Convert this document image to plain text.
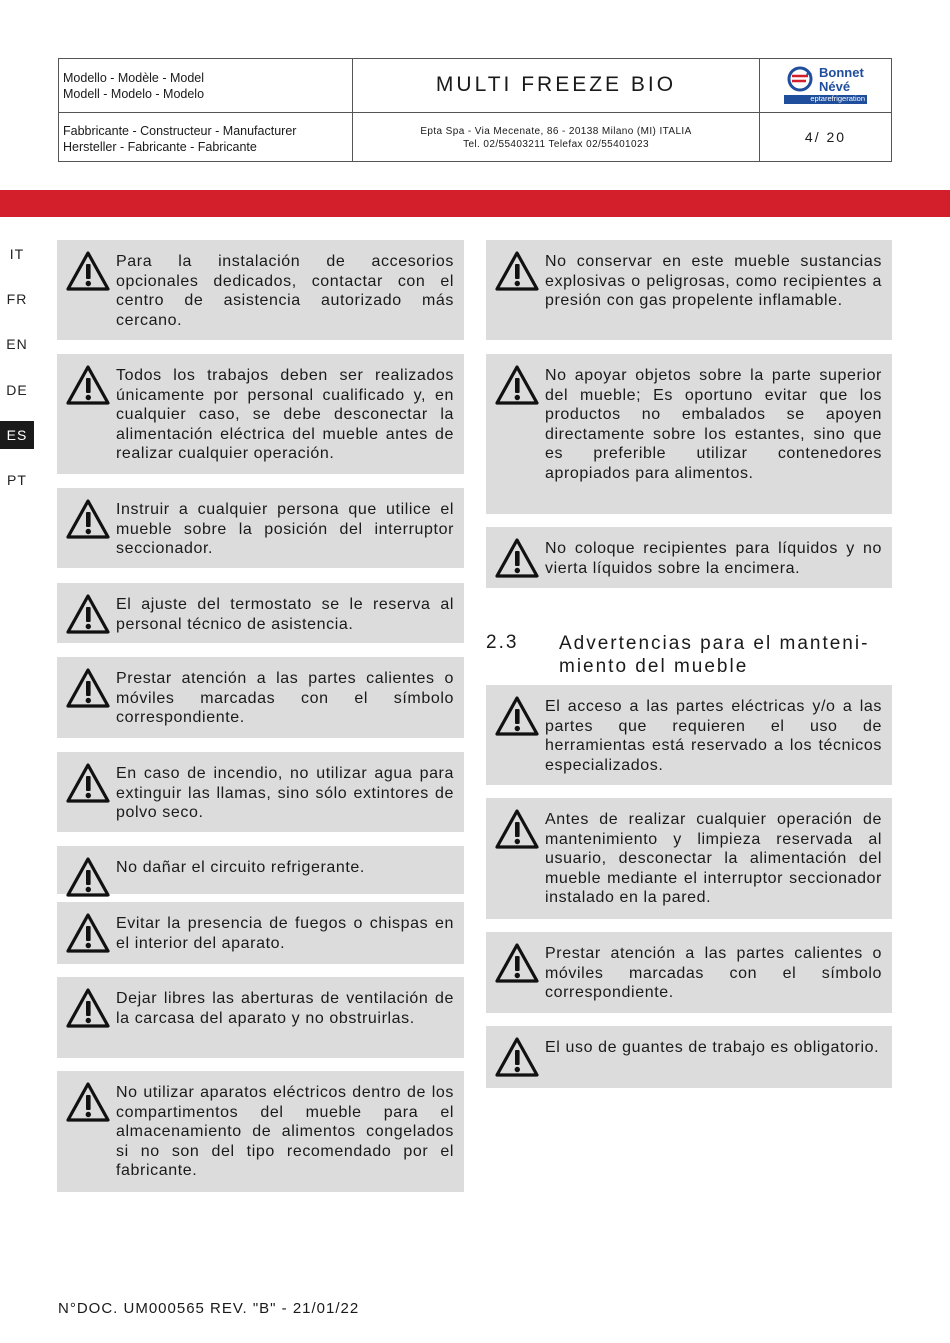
Modello - Modèle - Model
Modell - Modelo - Modelo	MULTI FREEZE BIO
Fabbricante - Constructeur - Manufacturer
Hersteller - Fabricante - Fabricante
Epta Spa - Via Mecenate, 86 - 20138 Milano (MI) ITALIA
Tel. 02/55403211 Telefax 02/55401023	4/ 20
Bonnet
Névé
eptarefrigeration
IT
FR
EN
DE
ES
PT
Para la instalación de accesorios opcionales dedicados, contactar con el centro de asistencia autorizado más cercano.
Todos los trabajos deben ser realizados únicamente por personal cualificado y, en cualquier caso, se debe desconectar la alimentación eléctrica del mueble antes de realizar cualquier operación.
Instruir a cualquier persona que utilice el mueble sobre la posición del interruptor seccionador.
El ajuste del termostato se le reserva al personal técnico de asistencia.
Prestar atención a las partes calientes o móviles marcadas con el símbolo correspondiente.
En caso de incendio, no utilizar agua para extinguir las llamas, sino sólo extintores de polvo seco.
No dañar el circuito refrigerante.
Evitar la presencia de fuegos o chispas en el interior del aparato.
Dejar libres las aberturas de ventilación de la carcasa del aparato y no obstruirlas.
No utilizar aparatos eléctricos dentro de los compartimentos del mueble para el almacenamiento de alimentos congelados si no son del tipo recomendado por el fabricante.
No conservar en este mueble sustancias explosivas o peligrosas, como recipientes a presión con gas propelente inflamable.
No apoyar objetos sobre la parte superior del mueble; Es oportuno evitar que los productos no embalados se apoyen directamente sobre los estantes, sino que es preferible utilizar contenedores apropiados para alimentos.
No coloque recipientes para líquidos y no vierta líquidos sobre la encimera.
2.3 Advertencias para el manteni-miento del mueble
El acceso a las partes eléctricas y/o a las partes que requieren el uso de herramientas está reservado a los técnicos especializados.
Antes de realizar cualquier operación de mantenimiento y limpieza reservada al usuario, desconectar la alimentación del mueble mediante el interruptor seccionador instalado en la pared.
Prestar atención a las partes calientes o móviles marcadas con el símbolo correspondiente.
El uso de guantes de trabajo es obligatorio.
N°DOC. UM000565 REV. "B" - 21/01/22
